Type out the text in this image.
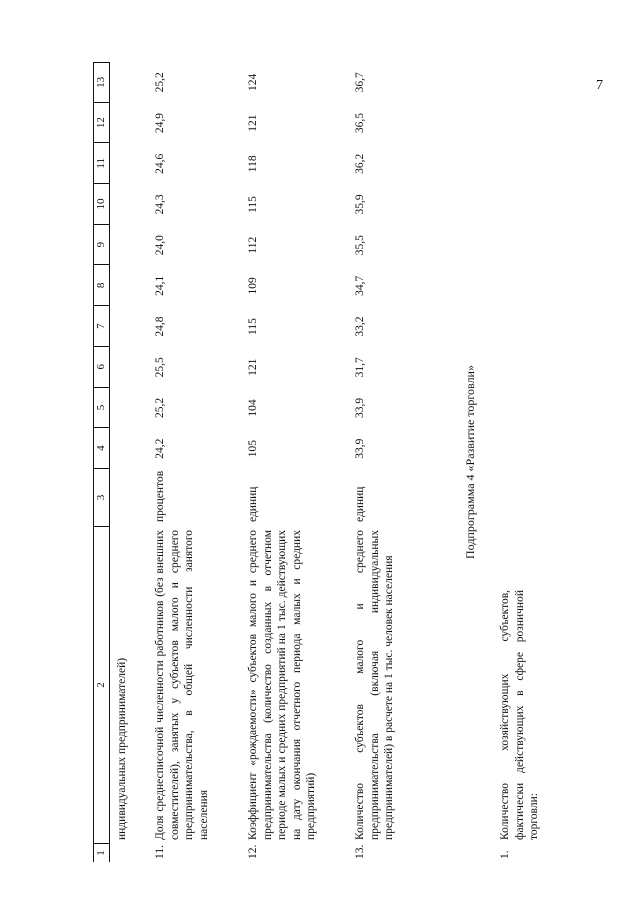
7
1
2
3
4
5
6
7
8
9
10
11
12
13
индивидуальных предпринимателей)
11.
Доля среднесписочной численности работников (без внешних совместителей), занятых у субъектов малого и среднего предпринимательства, в общей численности занятого населения
процентов
24,2
25,2
25,5
24,8
24,1
24,0
24,3
24,6
24,9
25,2
12.
Коэффициент «рождаемости» субъектов малого и среднего предпринимательства (количество созданных в отчетном периоде малых и средних предприятий на 1 тыс. действующих на дату окончания отчетного периода малых и средних предприятий)
единиц
105
104
121
115
109
112
115
118
121
124
13.
Количество субъектов малого и среднего предпринимательства (включая индивидуальных предпринимателей) в расчете на 1 тыс. человек населения
единиц
33,9
33,9
31,7
33,2
34,7
35,5
35,9
36,2
36,5
36,7
Подпрограмма 4 «Развитие торговли»
1.
Количество хозяйствующих субъектов, фактически действующих в сфере розничной торговли:
